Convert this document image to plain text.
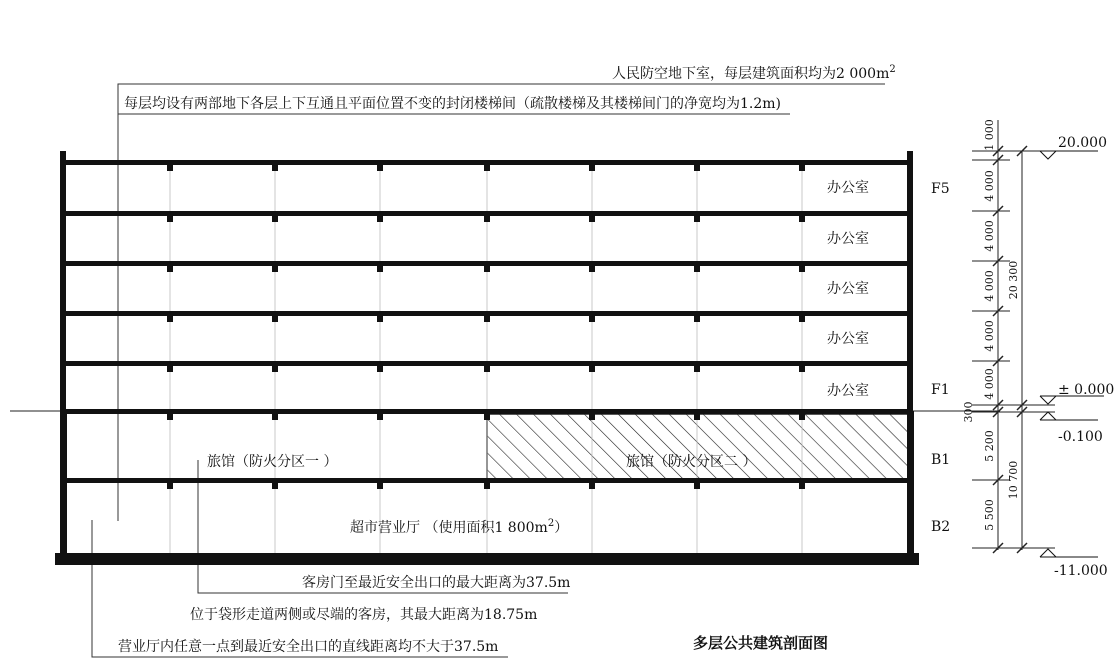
办公室
办公室
办公室
办公室
办公室
旅馆（防火分区一 ）	旅馆（防火分区二 ）
超市营业厅 （使用面积1 $800m^2$）
F5
F1
B1
B2
人民防空地下室，每层建筑面积均为2 $000m^2$
每层均设有两部地下各层上下互通且平面位置不变的封闭楼梯间（疏散楼梯及其楼梯间门的净宽均为1.2m)
客房门至最近安全出口的最大距离为37.5m
位于袋形走道两侧或尽端的客房，其最大距离为18.75m
营业厅内任意一点到最近安全出口的直线距离均不大于37.5m	多层公共建筑剖面图
1 000
4 000
4 000
4 000
4 000
4 000
300
5 200
5 500
20 300
10 700
20.000
± 0.000
-0.100
-11.000
